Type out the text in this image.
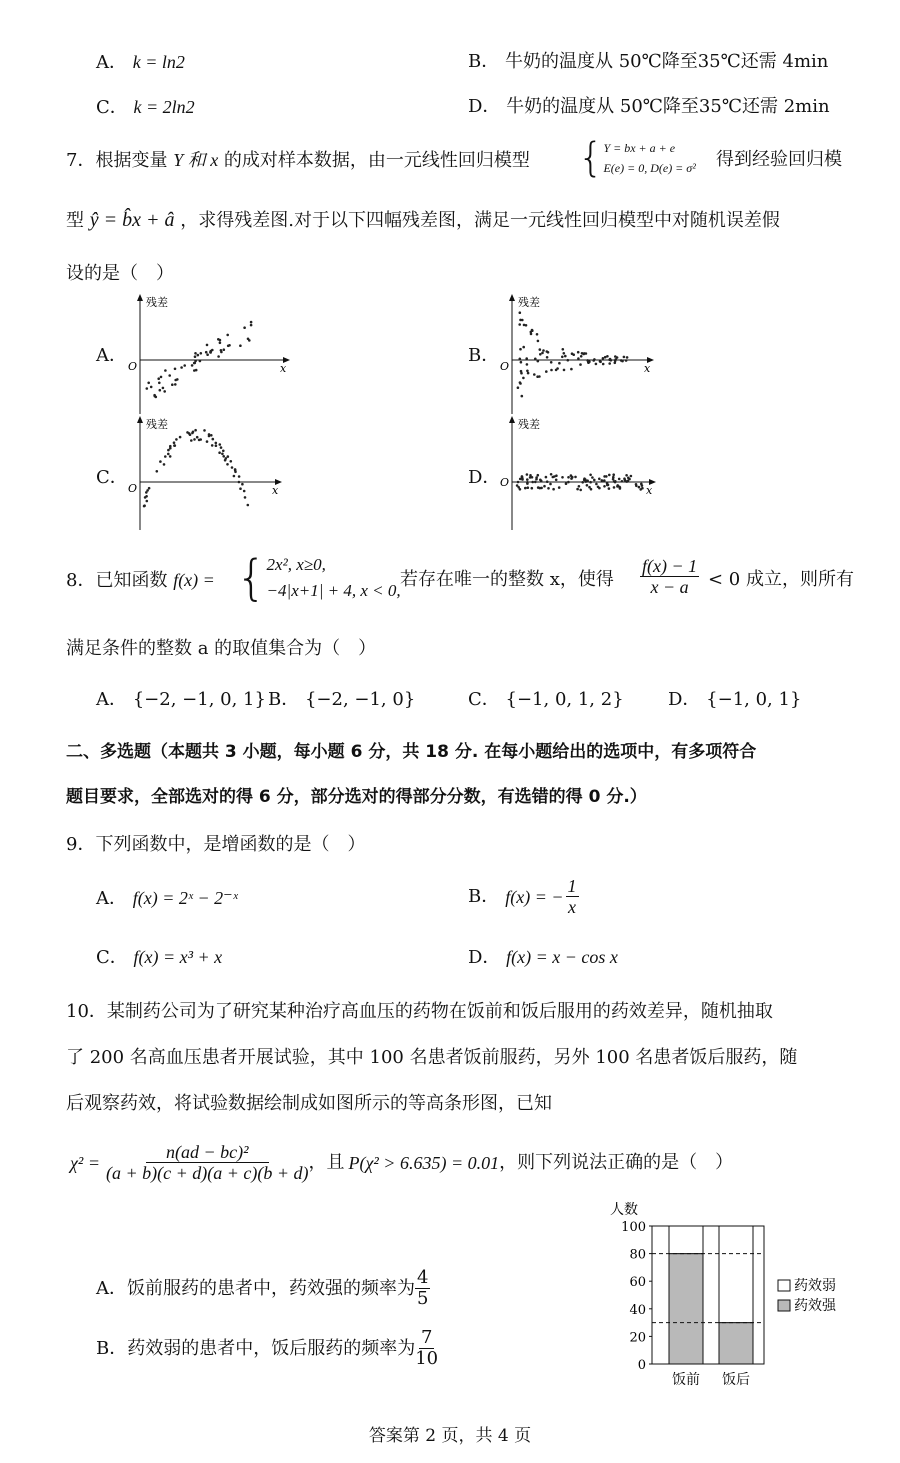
A． k = ln2	B． 牛奶的温度从 50℃降至35℃还需 4min
C． k = 2ln2	D． 牛奶的温度从 50℃降至35℃还需 2min
7．根据变量 Y 和 x 的成对样本数据，由一元线性回归模型 { Y = bx + a + e
E(e) = 0, D(e) = σ² 得到经验回归模
型 ŷ = b̂x + â ，求得残差图.对于以下四幅残差图，满足一元线性回归模型中对随机误差假
设的是（　）
A．
残差
O	x
B．
残差
O	x
C．
残差
O	x
D．
残差
O
x
8．已知函数 f(x) = { 2x², x≥0,
−4|x+1| + 4, x < 0,
若存在唯一的整数 x，使得 $\frac{f(x) - 1}{x - a} < 0$ 成立，则所有
满足条件的整数 a 的取值集合为（　）
A． {−2, −1, 0, 1} B． {−2, −1, 0}	C． {−1, 0, 1, 2} D． {−1, 0, 1}
二、多选题（本题共 3 小题，每小题 6 分，共 18 分. 在每小题给出的选项中，有多项符合
题目要求，全部选对的得 6 分，部分选对的得部分分数，有选错的得 0 分.）
9．下列函数中，是增函数的是（　）
A． f(x) = 2ˣ − 2⁻ˣ	B． f(x) = − $\frac{1}{x}$
C． f(x) = x³ + x	D． f(x) = x − cos x
10．某制药公司为了研究某种治疗高血压的药物在饭前和饭后服用的药效差异，随机抽取
了 200 名高血压患者开展试验，其中 100 名患者饭前服药，另外 100 名患者饭后服药，随
后观察药效，将试验数据绘制成如图所示的等高条形图，已知
$\chi^2 = \frac{\text{n(ad − bc)²}}{(a + b)(c + d)(a + c)(b + d)}$ ，且 P(χ² > 6.635) = 0.01 ，则下列说法正确的是（　）
A．饭前服药的患者中，药效强的频率为 $\frac{4}{5}$
B．药效弱的患者中，饭后服药的频率为 $\frac{7}{10}$
人数
100
80
60
40
20
0
饭前 饭后
药效弱
药效强
答案第 2 页，共 4 页
